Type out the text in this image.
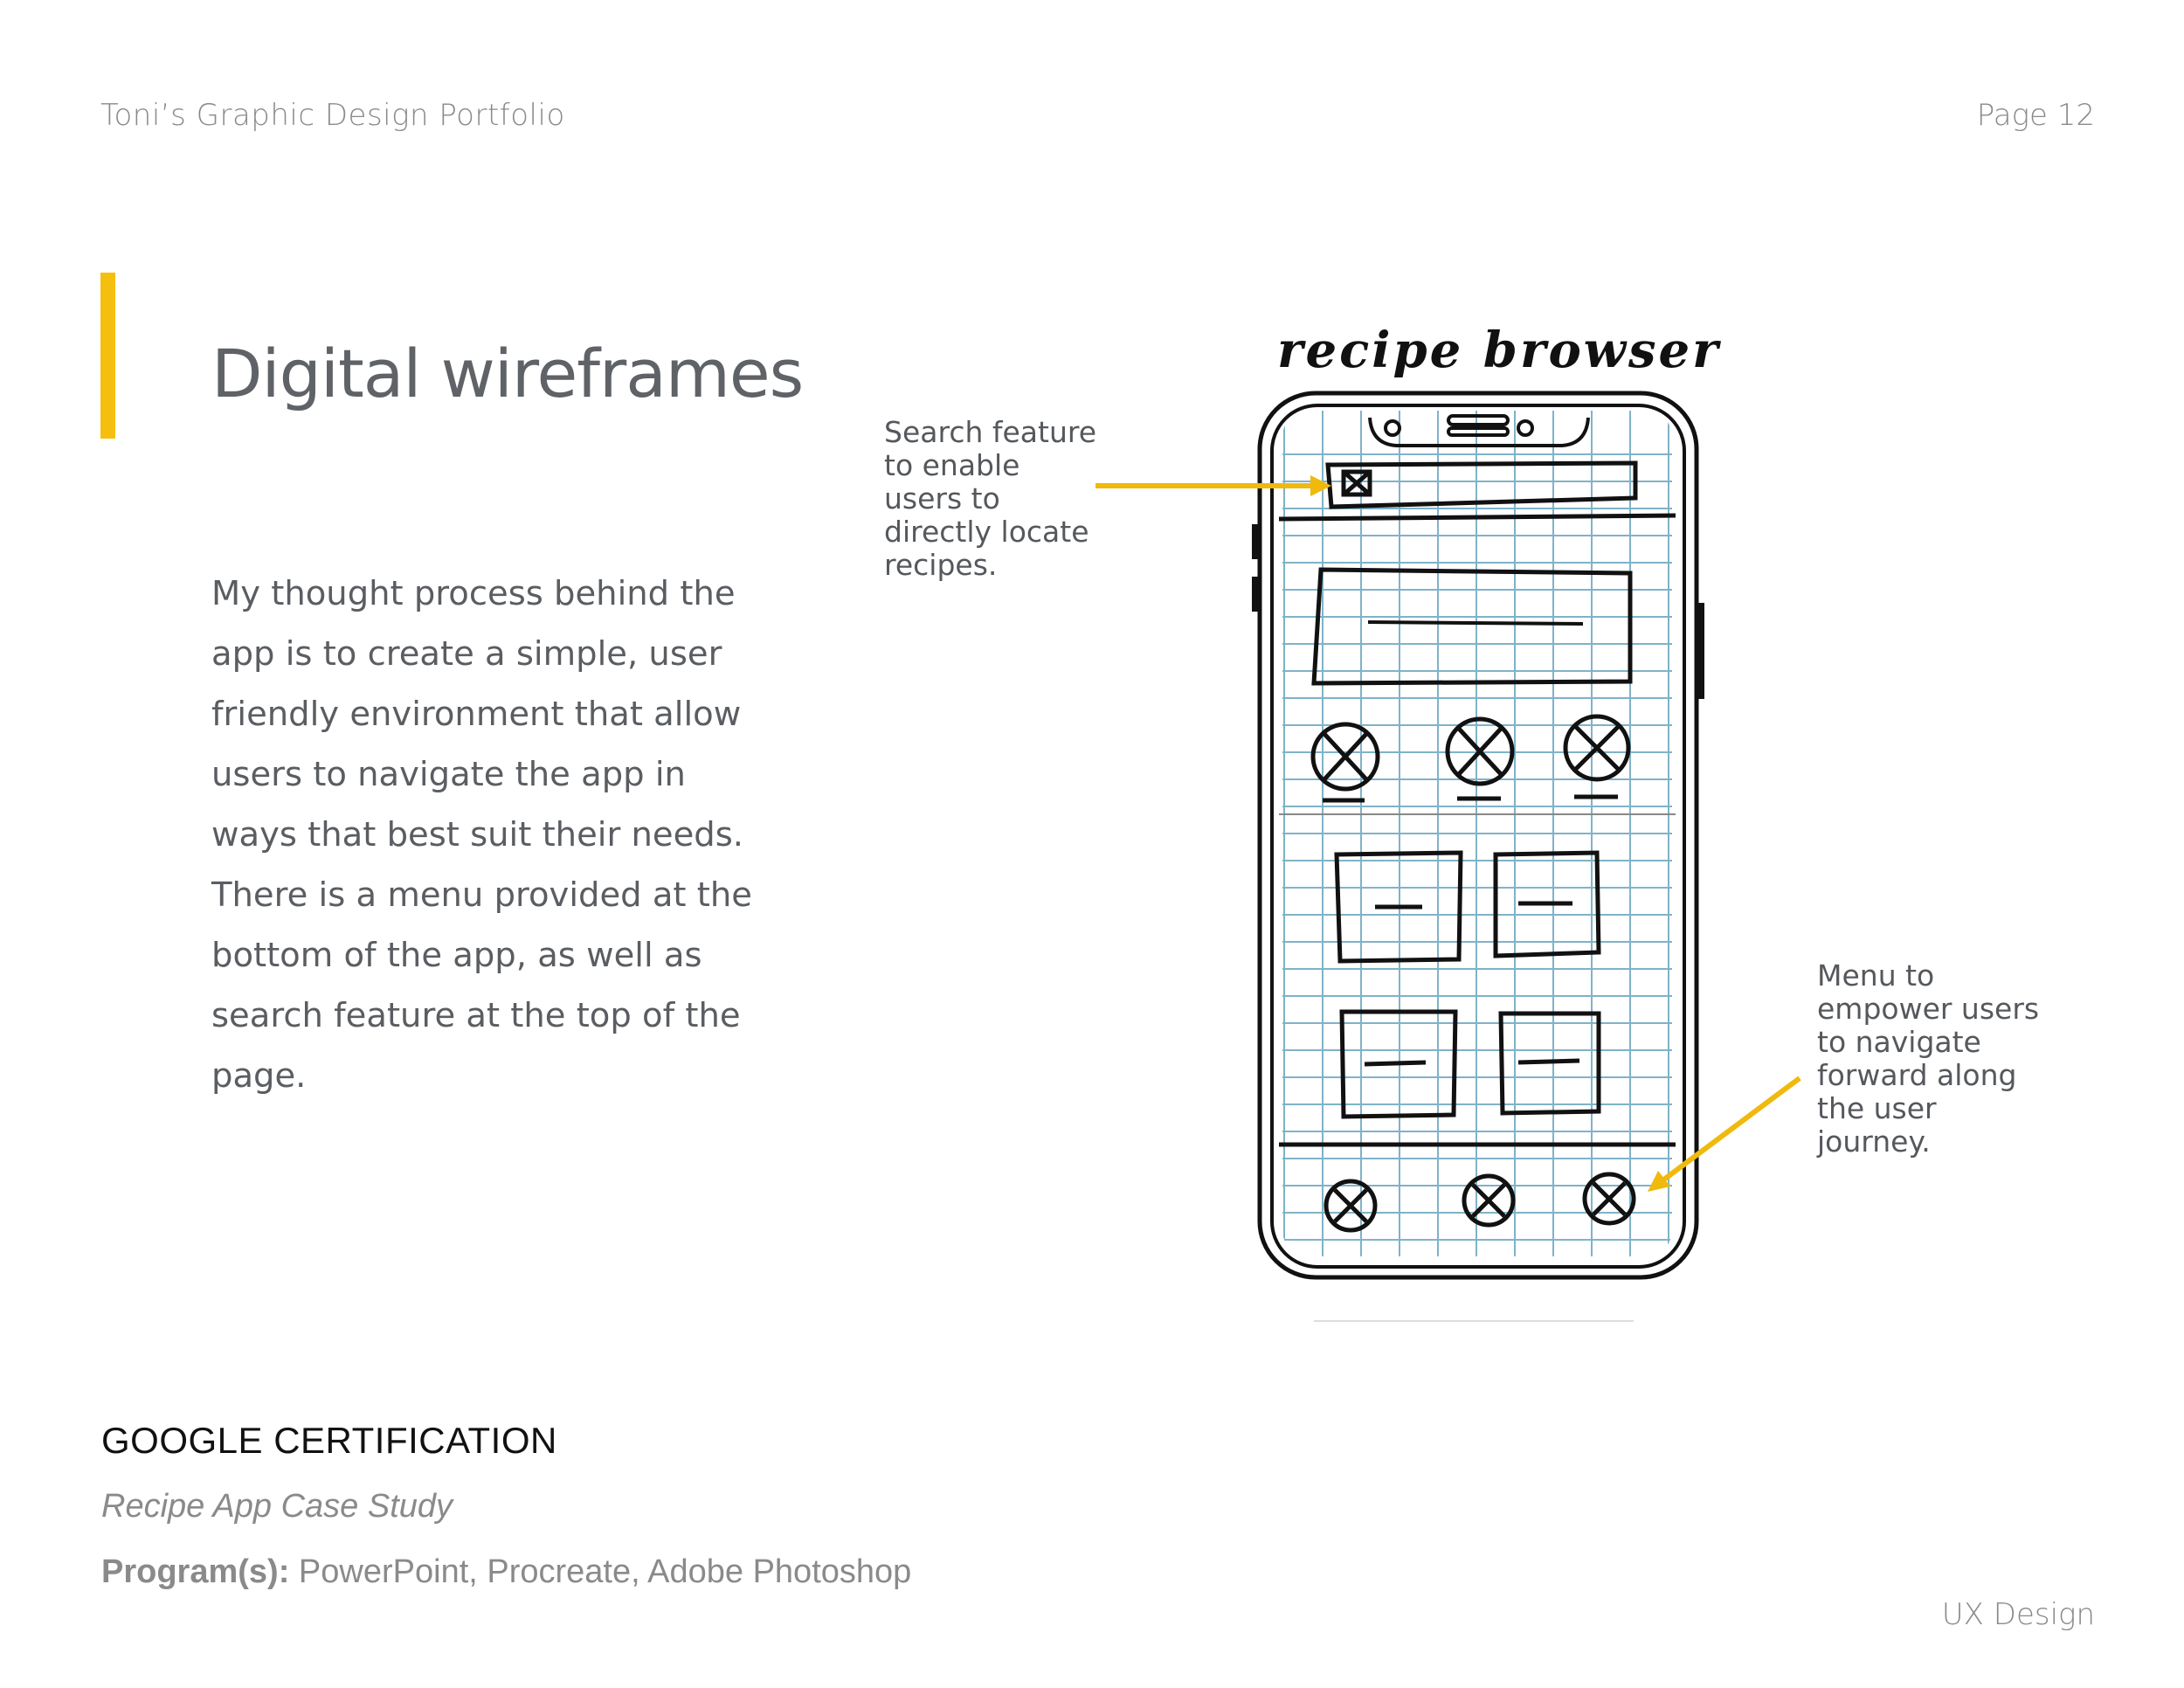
Toni’s Graphic Design Portfolio	Page 12
Digital wireframes
My thought process behind the app is to create a simple, user friendly environment that allow users to navigate the app in ways that best suit their needs. There is a menu provided at the bottom of the app, as well as search feature at the top of the page.
Search feature to enable users to directly locate recipes.
Menu to empower users to navigate forward along the user journey.
recipe browser
GOOGLE CERTIFICATION
Recipe App Case Study
Program(s): PowerPoint, Procreate, Adobe Photoshop
UX Design
